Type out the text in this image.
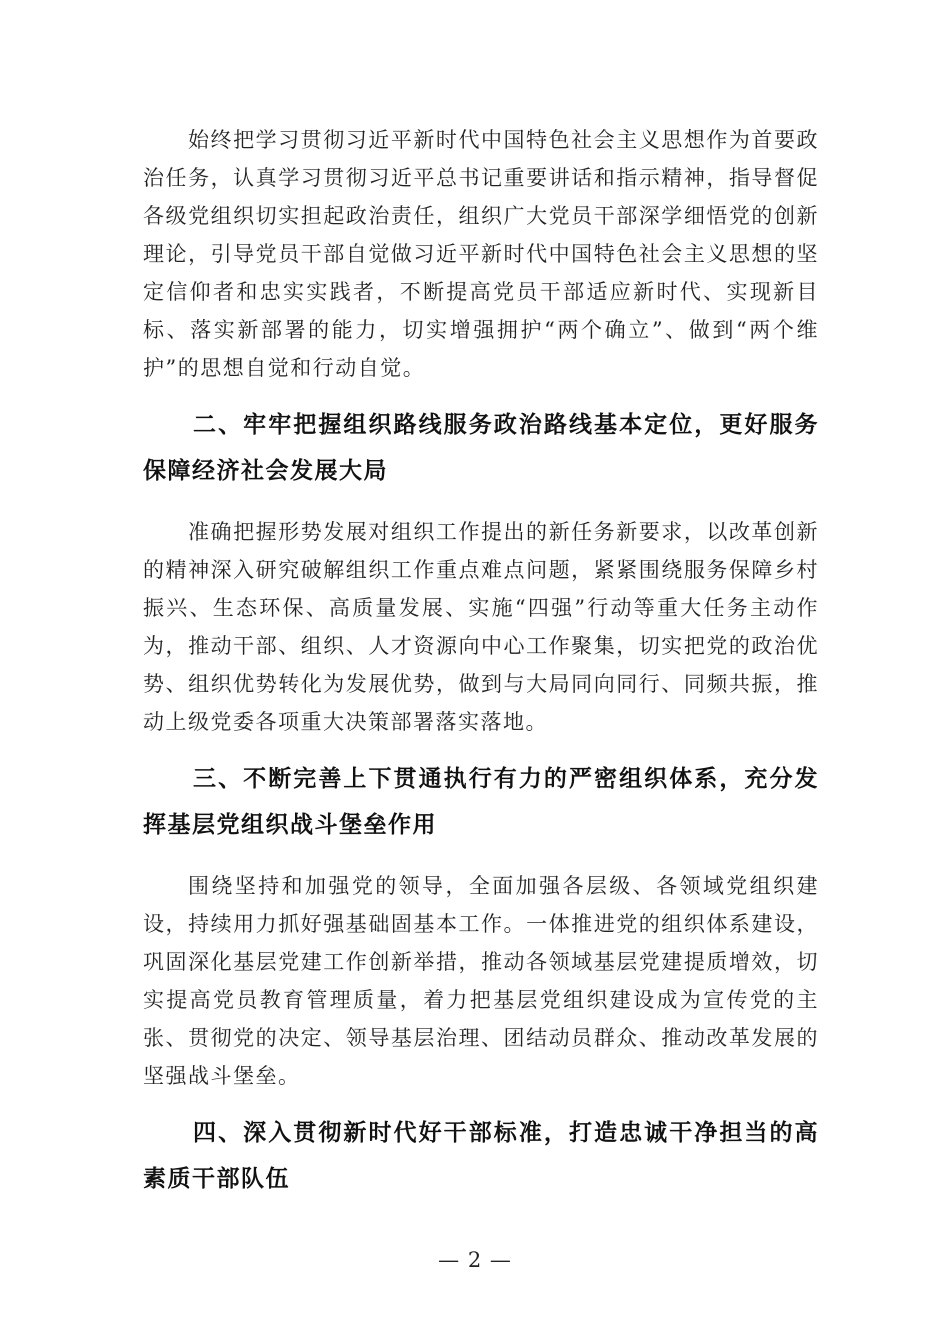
始终把学习贯彻习近平新时代中国特色社会主义思想作为首要政治任务，认真学习贯彻习近平总书记重要讲话和指示精神，指导督促各级党组织切实担起政治责任，组织广大党员干部深学细悟党的创新理论，引导党员干部自觉做习近平新时代中国特色社会主义思想的坚定信仰者和忠实实践者，不断提高党员干部适应新时代、实现新目标、落实新部署的能力，切实增强拥护“两个确立”、做到“两个维护”的思想自觉和行动自觉。

二、牢牢把握组织路线服务政治路线基本定位，更好服务保障经济社会发展大局

准确把握形势发展对组织工作提出的新任务新要求，以改革创新的精神深入研究破解组织工作重点难点问题，紧紧围绕服务保障乡村振兴、生态环保、高质量发展、实施“四强”行动等重大任务主动作为，推动干部、组织、人才资源向中心工作聚集，切实把党的政治优势、组织优势转化为发展优势，做到与大局同向同行、同频共振，推动上级党委各项重大决策部署落实落地。

三、不断完善上下贯通执行有力的严密组织体系，充分发挥基层党组织战斗堡垒作用

围绕坚持和加强党的领导，全面加强各层级、各领域党组织建设，持续用力抓好强基础固基本工作。一体推进党的组织体系建设，巩固深化基层党建工作创新举措，推动各领域基层党建提质增效，切实提高党员教育管理质量，着力把基层党组织建设成为宣传党的主张、贯彻党的决定、领导基层治理、团结动员群众、推动改革发展的坚强战斗堡垒。

四、深入贯彻新时代好干部标准，打造忠诚干净担当的高素质干部队伍
— 2 —
